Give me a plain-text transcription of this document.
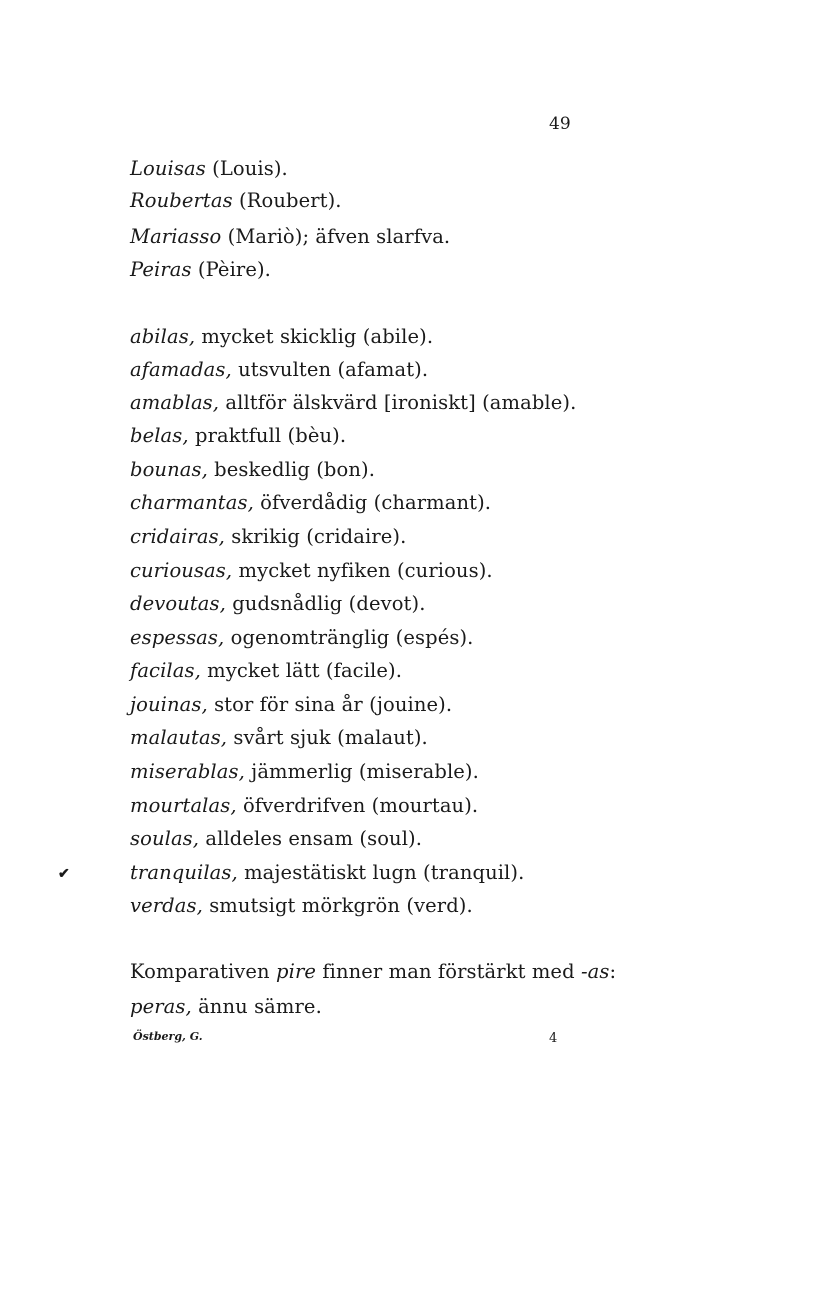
49
Louisas (Louis).
Roubertas (Roubert).
Mariasso (Mariò); äfven slarfva.
Peiras (Pèire).
abilas, mycket skicklig (abile).
afamadas, utsvulten (afamat).
amablas, alltför älskvärd [ironiskt] (amable).
belas, praktfull (bèu).
bounas, beskedlig (bon).
charmantas, öfverdådig (charmant).
cridairas, skrikig (cridaire).
curiousas, mycket nyfiken (curious).
devoutas, gudsnådlig (devot).
espessas, ogenomtränglig (espés).
facilas, mycket lätt (facile).
jouinas, stor för sina år (jouine).
malautas, svårt sjuk (malaut).
miserablas, jämmerlig (miserable).
mourtalas, öfverdrifven (mourtau).
soulas, alldeles ensam (soul).
tranquilas, majestätiskt lugn (tranquil).
verdas, smutsigt mörkgrön (verd).
✔
Komparativen pire finner man förstärkt med -as:
peras, ännu sämre.
Östberg, G.	4
